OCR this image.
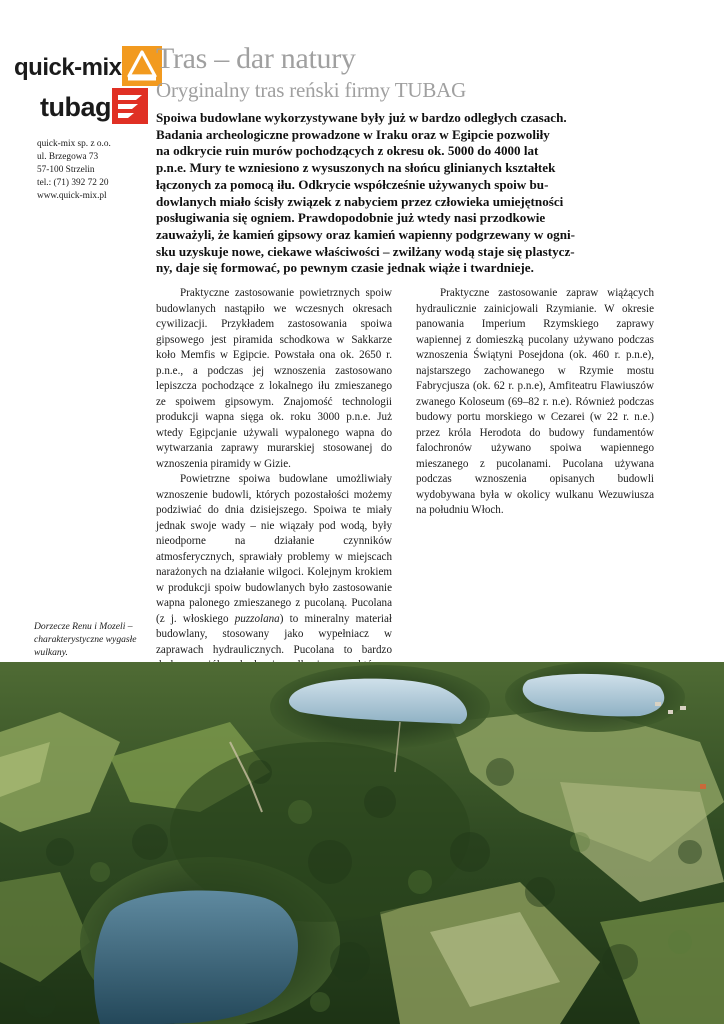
quick-mix
tubag
quick-mix sp. z o.o.
ul. Brzegowa 73
57-100 Strzelin
tel.: (71) 392 72 20
www.quick-mix.pl
Tras – dar natury
Oryginalny tras reński firmy TUBAG
Spoiwa budowlane wykorzystywane były już w bardzo odległych czasach.
Badania archeologiczne prowadzone w Iraku oraz w Egipcie pozwoliły
na odkrycie ruin murów pochodzących z okresu ok. 5000 do 4000 lat
p.n.e. Mury te wzniesiono z wysuszonych na słońcu glinianych kształtek
łączonych za pomocą iłu. Odkrycie współcześnie używanych spoiw bu-
dowlanych miało ścisły związek z nabyciem przez człowieka umiejętności
posługiwania się ogniem. Prawdopodobnie już wtedy nasi przodkowie
zauważyli, że kamień gipsowy oraz kamień wapienny podgrzewany w ogni-
sku uzyskuje nowe, ciekawe właściwości – zwilżany wodą staje się plastycz-
ny, daje się formować, po pewnym czasie jednak wiąże i twardnieje.

Praktyczne zastosowanie powietrznych spoiw budowlanych nastąpiło we wczesnych okresach cywilizacji. Przykładem zastosowania spoiwa gipsowego jest piramida schodkowa w Sakkarze koło Memfis w Egipcie. Powstała ona ok. 2650 r. p.n.e., a podczas jej wznoszenia zastosowano lepiszcza pochodzące z lokalnego iłu zmieszanego ze spoiwem gipsowym. Znajomość technologii produkcji wapna sięga ok. roku 3000 p.n.e. Już wtedy Egipcjanie używali wypalonego wapna do wytwarzania zaprawy murarskiej stosowanej do wznoszenia piramidy w Gizie.

Powietrzne spoiwa budowlane umożliwiały wznoszenie budowli, których pozostałości możemy podziwiać do dnia dzisiejszego. Spoiwa te miały jednak swoje wady – nie wiązały pod wodą, były nieodporne na działanie czynników atmosferycznych, sprawiały problemy w miejscach narażonych na działanie wilgoci. Kolejnym krokiem w produkcji spoiw budowlanych było zastosowanie wapna palonego zmieszanego z pucolaną. Pucolana (z j. włoskiego puzzolana) to mineralny materiał budowlany, stosowany jako wypełniacz w zaprawach hydraulicznych. Pucolana to bardzo

Praktyczne zastosowanie zapraw wiążących hydraulicznie zainicjowali Rzymianie. W okresie panowania Imperium Rzymskiego zaprawy wapiennej z domieszką pucolany używano podczas wznoszenia Świątyni Posejdona (ok. 460 r. p.n.e), najstarszego zachowanego w Rzymie mostu Fabrycjusza (ok. 62 r. p.n.e), Amfiteatru Flawiuszów zwanego Koloseum (69–82 r. n.e). Również podczas budowy portu morskiego w Cezarei (w 22 r. n.e.) przez króla Herodota do budowy fundamentów falochronów używano spoiwa wapiennego mieszanego z pucolanami. Pucolana używana podczas wznoszenia opisanych budowli wydobywana była w okolicy wulkanu Wezuwiusza na południu Włoch.

Dorzecze Renu i Mozeli – charakterystyczne wygasłe wulkany.
